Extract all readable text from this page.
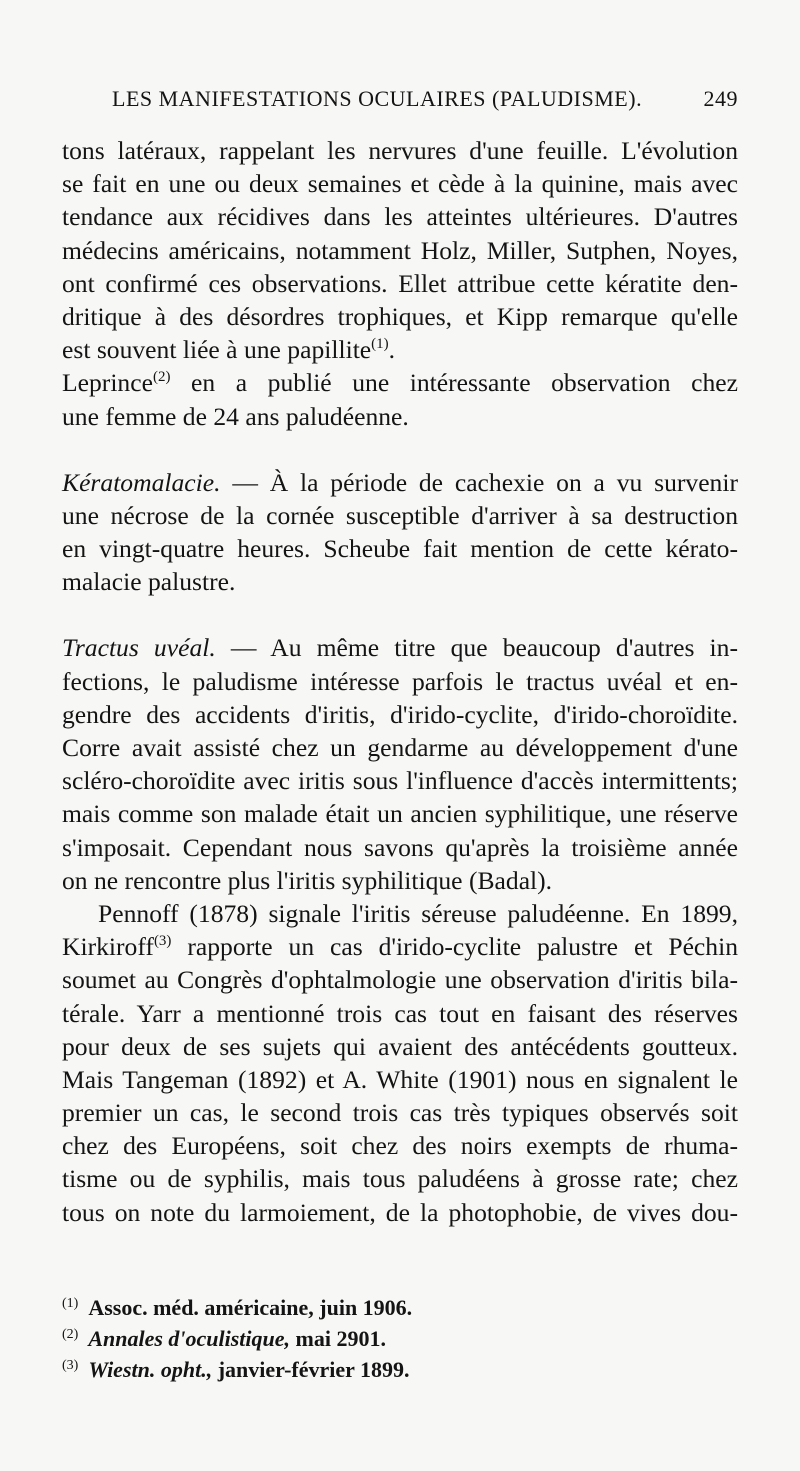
LES MANIFESTATIONS OCULAIRES (PALUDISME).	249
tons latéraux, rappelant les nervures d'une feuille. L'évolution
se fait en une ou deux semaines et cède à la quinine, mais avec
tendance aux récidives dans les atteintes ultérieures. D'autres
médecins américains, notamment Holz, Miller, Sutphen, Noyes,
ont confirmé ces observations. Ellet attribue cette kératite den-
dritique à des désordres trophiques, et Kipp remarque qu'elle
est souvent liée à une papillite$^{(1)}$.
Leprince$^{(2)}$ en a publié une intéressante observation chez
une femme de 24 ans paludéenne.
Kératomalacie. — À la période de cachexie on a vu survenir
une nécrose de la cornée susceptible d'arriver à sa destruction
en vingt-quatre heures. Scheube fait mention de cette kérato-
malacie palustre.
Tractus uvéal. — Au même titre que beaucoup d'autres in-
fections, le paludisme intéresse parfois le tractus uvéal et en-
gendre des accidents d'iritis, d'irido-cyclite, d'irido-choroïdite.
Corre avait assisté chez un gendarme au développement d'une
scléro-choroïdite avec iritis sous l'influence d'accès intermittents;
mais comme son malade était un ancien syphilitique, une réserve
s'imposait. Cependant nous savons qu'après la troisième année
on ne rencontre plus l'iritis syphilitique (Badal).
Pennoff (1878) signale l'iritis séreuse paludéenne. En 1899,
Kirkiroff$^{(3)}$ rapporte un cas d'irido-cyclite palustre et Péchin
soumet au Congrès d'ophtalmologie une observation d'iritis bila-
térale. Yarr a mentionné trois cas tout en faisant des réserves
pour deux de ses sujets qui avaient des antécédents goutteux.
Mais Tangeman (1892) et A. White (1901) nous en signalent le
premier un cas, le second trois cas très typiques observés soit
chez des Européens, soit chez des noirs exempts de rhuma-
tisme ou de syphilis, mais tous paludéens à grosse rate; chez
tous on note du larmoiement, de la photophobie, de vives dou-
$^{(1)}$ Assoc. méd. américaine, juin 1906.
$^{(2)}$ Annales d'oculistique, mai 2901.
$^{(3)}$ Wiestn. opht., janvier-février 1899.
